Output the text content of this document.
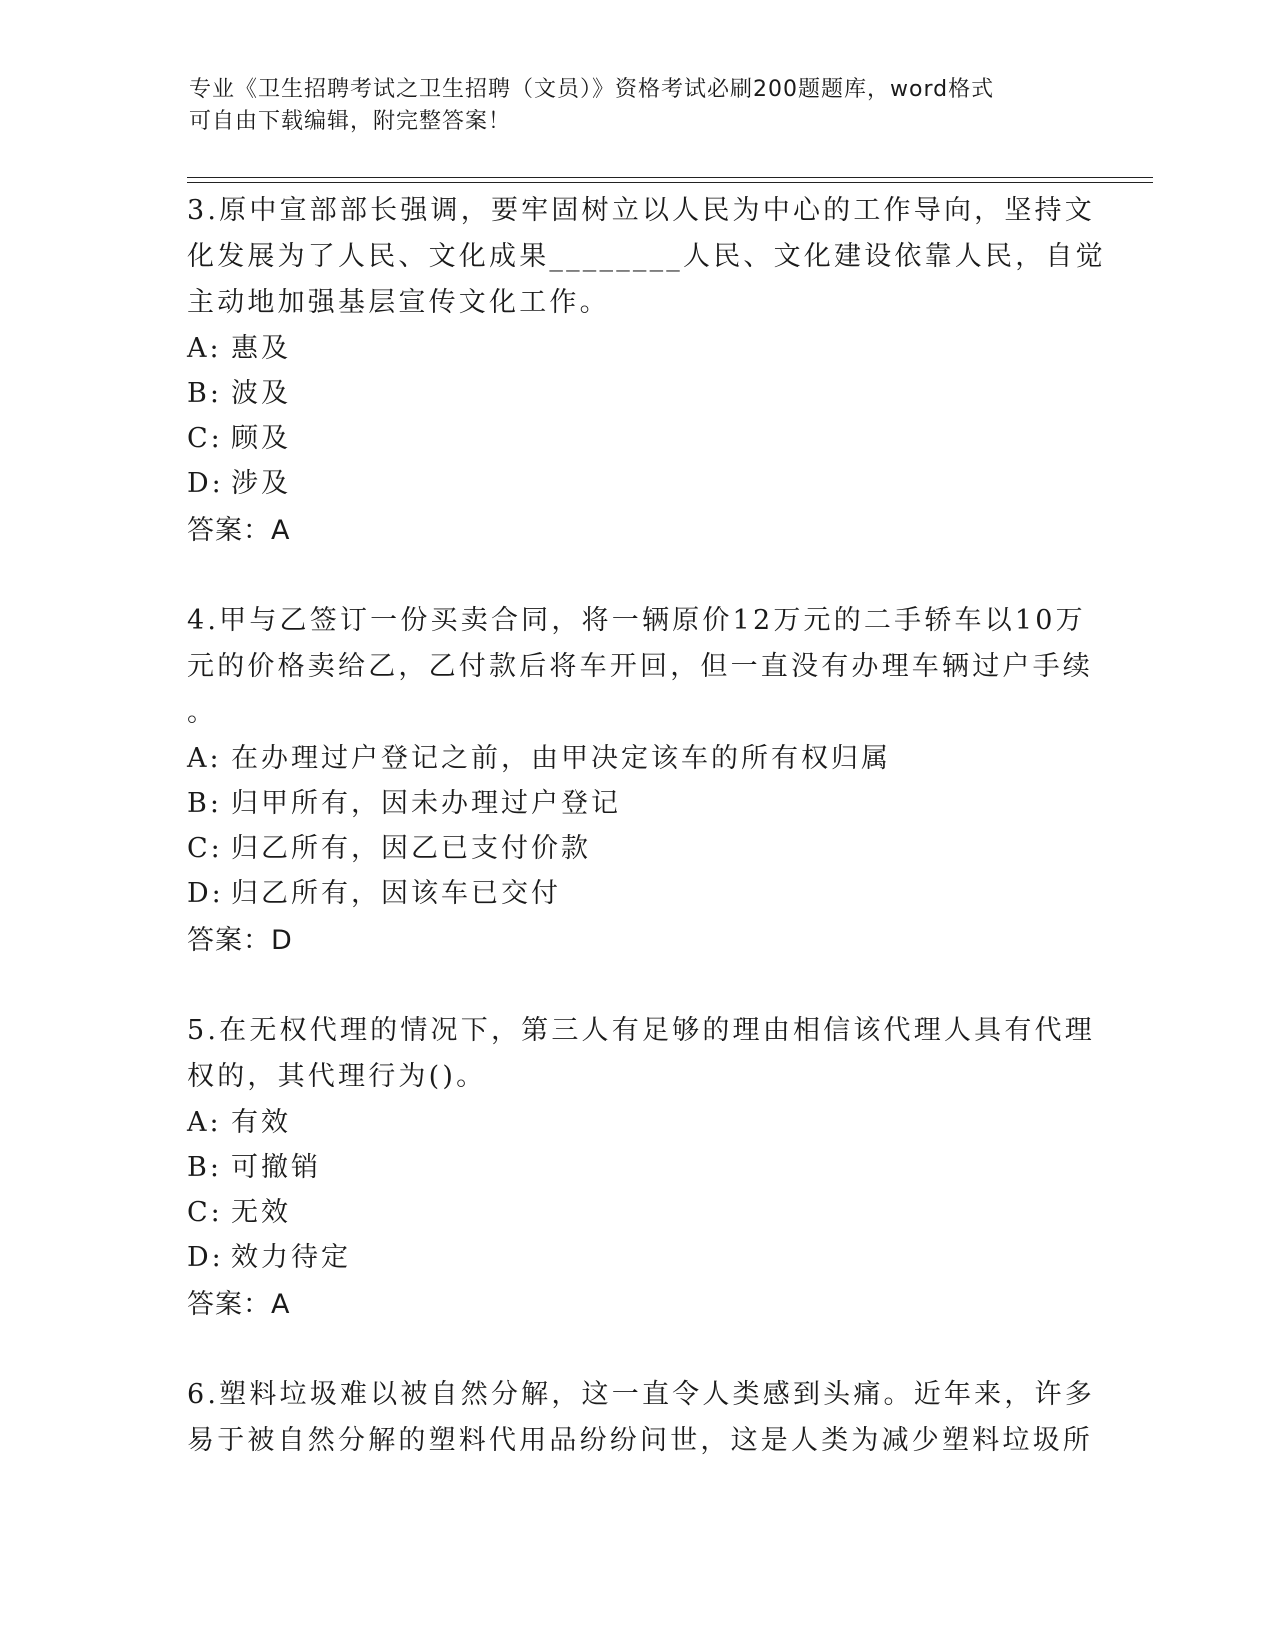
专业《卫生招聘考试之卫生招聘（文员）》资格考试必刷200题题库，word格式
可自由下载编辑，附完整答案！
3.原中宣部部长强调，要牢固树立以人民为中心的工作导向，坚持文
化发展为了人民、文化成果________人民、文化建设依靠人民，自觉
主动地加强基层宣传文化工作。
A: 惠及
B: 波及
C: 顾及
D: 涉及
答案：A
4.甲与乙签订一份买卖合同，将一辆原价12万元的二手轿车以10万
元的价格卖给乙，乙付款后将车开回，但一直没有办理车辆过户手续
。
A: 在办理过户登记之前，由甲决定该车的所有权归属
B: 归甲所有，因未办理过户登记
C: 归乙所有，因乙已支付价款
D: 归乙所有，因该车已交付
答案：D
5.在无权代理的情况下，第三人有足够的理由相信该代理人具有代理
权的，其代理行为()。
A: 有效
B: 可撤销
C: 无效
D: 效力待定
答案：A
6.塑料垃圾难以被自然分解，这一直令人类感到头痛。近年来，许多
易于被自然分解的塑料代用品纷纷问世，这是人类为减少塑料垃圾所
